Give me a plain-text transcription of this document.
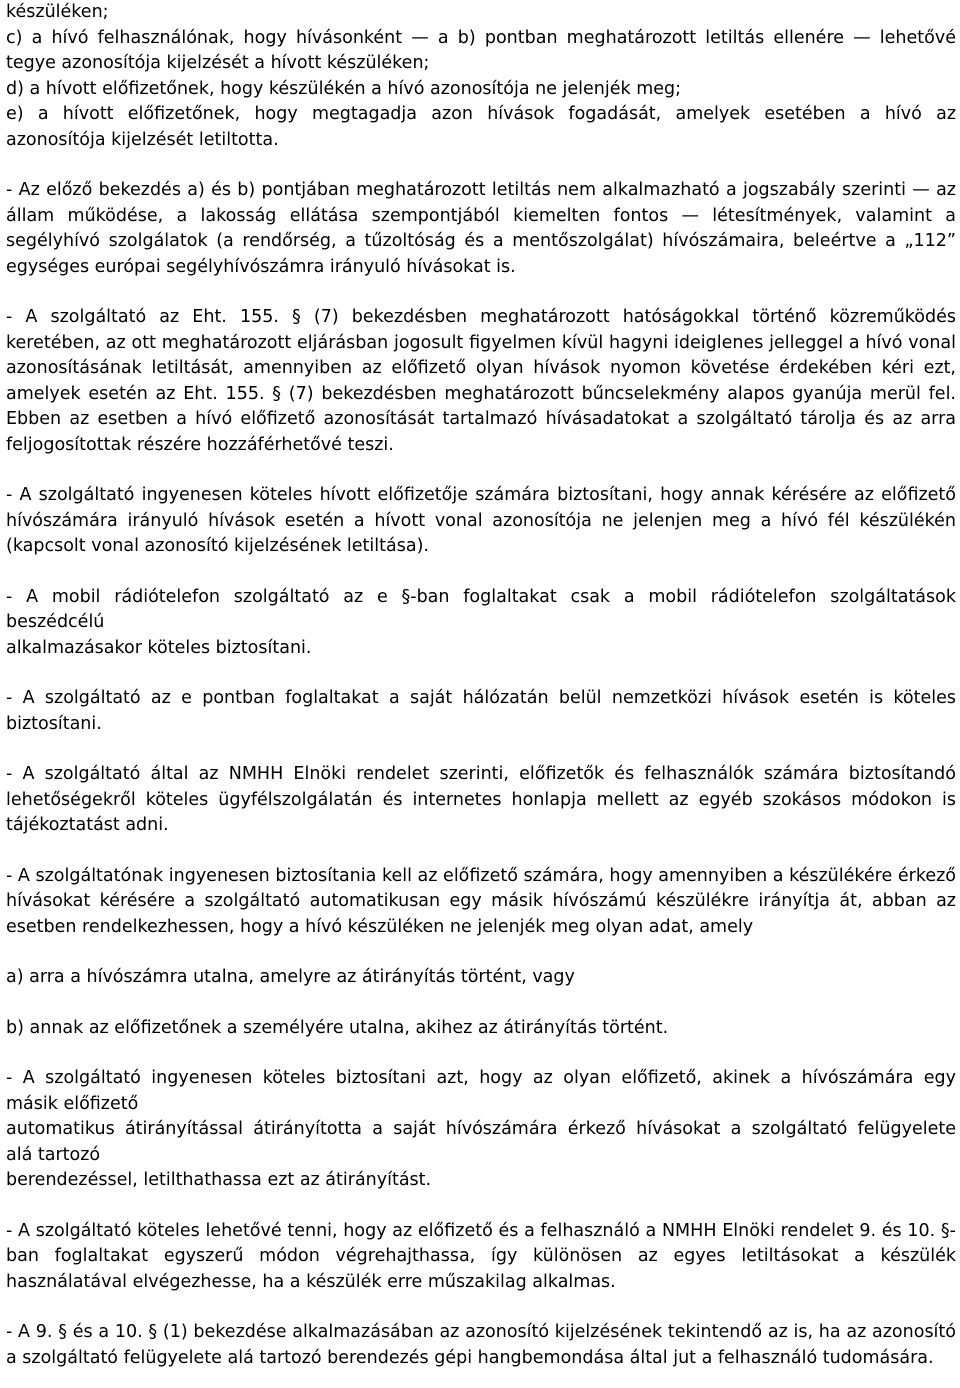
készüléken;
c) a hívó felhasználónak, hogy hívásonként — a b) pontban meghatározott letiltás ellenére — lehetővé
tegye azonosítója kijelzését a hívott készüléken;
d) a hívott előfizetőnek, hogy készülékén a hívó azonosítója ne jelenjék meg;
e) a hívott előfizetőnek, hogy megtagadja azon hívások fogadását, amelyek esetében a hívó az
azonosítója kijelzését letiltotta.
- Az előző bekezdés a) és b) pontjában meghatározott letiltás nem alkalmazható a jogszabály szerinti — az állam működése, a lakosság ellátása szempontjából kiemelten fontos — létesítmények, valamint a segélyhívó szolgálatok (a rendőrség, a tűzoltóság és a mentőszolgálat) hívószámaira, beleértve a „112” egységes európai segélyhívószámra irányuló hívásokat is.
- A szolgáltató az Eht. 155. § (7) bekezdésben meghatározott hatóságokkal történő közreműködés keretében, az ott meghatározott eljárásban jogosult figyelmen kívül hagyni ideiglenes jelleggel a hívó vonal azonosításának letiltását, amennyiben az előfizető olyan hívások nyomon követése érdekében kéri ezt, amelyek esetén az Eht. 155. § (7) bekezdésben meghatározott bűncselekmény alapos gyanúja merül fel. Ebben az esetben a hívó előfizető azonosítását tartalmazó hívásadatokat a szolgáltató tárolja és az arra feljogosítottak részére hozzáférhetővé teszi.
- A szolgáltató ingyenesen köteles hívott előfizetője számára biztosítani, hogy annak kérésére az előfizető hívószámára irányuló hívások esetén a hívott vonal azonosítója ne jelenjen meg a hívó fél készülékén (kapcsolt vonal azonosító kijelzésének letiltása).
- A mobil rádiótelefon szolgáltató az e §-ban foglaltakat csak a mobil rádiótelefon szolgáltatások
beszédcélú
alkalmazásakor köteles biztosítani.
- A szolgáltató az e pontban foglaltakat a saját hálózatán belül nemzetközi hívások esetén is köteles biztosítani.
- A szolgáltató által az NMHH Elnöki rendelet szerinti, előfizetők és felhasználók számára biztosítandó lehetőségekről köteles ügyfélszolgálatán és internetes honlapja mellett az egyéb szokásos módokon is tájékoztatást adni.
- A szolgáltatónak ingyenesen biztosítania kell az előfizető számára, hogy amennyiben a készülékére érkező hívásokat kérésére a szolgáltató automatikusan egy másik hívószámú készülékre irányítja át, abban az esetben rendelkezhessen, hogy a hívó készüléken ne jelenjék meg olyan adat, amely
a) arra a hívószámra utalna, amelyre az átirányítás történt, vagy
b) annak az előfizetőnek a személyére utalna, akihez az átirányítás történt.
- A szolgáltató ingyenesen köteles biztosítani azt, hogy az olyan előfizető, akinek a hívószámára egy
másik előfizető
automatikus átirányítással átirányította a saját hívószámára érkező hívásokat a szolgáltató felügyelete
alá tartozó
berendezéssel, letilthathassa ezt az átirányítást.
- A szolgáltató köteles lehetővé tenni, hogy az előfizető és a felhasználó a NMHH Elnöki rendelet 9. és 10. §-ban foglaltakat egyszerű módon végrehajthassa, így különösen az egyes letiltásokat a készülék használatával elvégezhesse, ha a készülék erre műszakilag alkalmas.
- A 9. § és a 10. § (1) bekezdése alkalmazásában az azonosító kijelzésének tekintendő az is, ha az azonosító a szolgáltató felügyelete alá tartozó berendezés gépi hangbemondása által jut a felhasználó tudomására.
